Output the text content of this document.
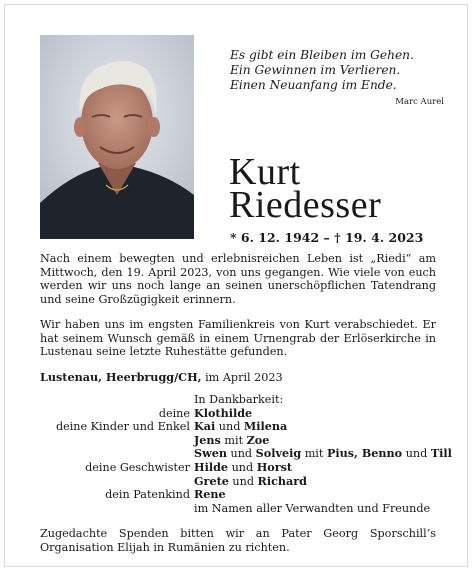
Es gibt ein Bleiben im Gehen.
Ein Gewinnen im Verlieren.
Einen Neuanfang im Ende.
Marc Aurel
Kurt
Riedesser
* 6. 12. 1942 – † 19. 4. 2023
Nach einem bewegten und erlebnisreichen Leben ist „Riedi“ am Mittwoch, den 19. April 2023, von uns gegangen. Wie viele von euch werden wir uns noch lange an seinen unerschöpflichen Tatendrang und seine Großzügigkeit erinnern.
Wir haben uns im engsten Familienkreis von Kurt verabschiedet. Er hat seinem Wunsch gemäß in einem Urnengrab der Erlöserkirche in Lustenau seine letzte Ruhestätte gefunden.
Lustenau, Heerbrugg/CH, im April 2023
In Dankbarkeit:
deine Klothilde
deine Kinder und Enkel Kai und Milena
Jens mit Zoe
Swen und Solveig mit Pius, Benno und Till
deine Geschwister Hilde und Horst
Grete und Richard
dein Patenkind Rene
im Namen aller Verwandten und Freunde
Zugedachte Spenden bitten wir an Pater Georg Sporschill’s Organisation Elijah in Rumänien zu richten.
